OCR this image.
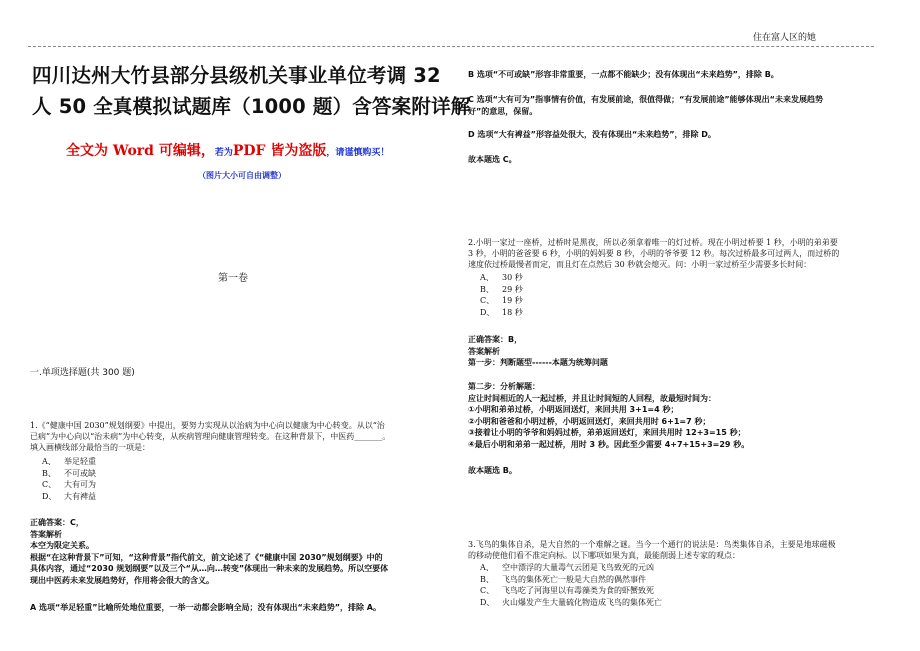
住在富人区的她
四川达州大竹县部分县级机关事业单位考调 32
人 50 全真模拟试题库（1000 题）含答案附详解
全文为 Word 可编辑，若为PDF 皆为盗版，请谨慎购买！
（图片大小可自由调整）
第一卷
一.单项选择题(共 300 题)
1.《“健康中国 2030”规划纲要》中提出，要努力实现从以治病为中心向以健康为中心转变。从以“治
已病”为中心向以“治未病”为中心转变，从疾病管理向健康管理转变。在这种背景下，中医药_______。
填入画横线部分最恰当的一项是：
A、 举足轻重
B、 不可或缺
C、 大有可为
D、 大有裨益
正确答案：C，
答案解析
本空为限定关系。
根据“在这种背景下”可知，“这种背景”指代前文，前文论述了《“健康中国 2030”规划纲要》中的
具体内容，通过“2030 规划纲要”以及三个“从…向…转变”体现出一种未来的发展趋势。所以空要体
现出中医药未来发展趋势好，作用将会很大的含义。
A 选项“举足轻重”比喻所处地位重要，一举一动都会影响全局；没有体现出“未来趋势”，排除 A。
B 选项“不可或缺”形容非常重要，一点都不能缺少；没有体现出“未来趋势”，排除 B。
C 选项“大有可为”指事情有价值，有发展前途，很值得做；“有发展前途”能够体现出“未来发展趋势
好”的意思，保留。
D 选项“大有裨益”形容益处很大，没有体现出“未来趋势”，排除 D。
故本题选 C。
2.小明一家过一座桥，过桥时是黑夜，所以必须拿着唯一的灯过桥。现在小明过桥要 1 秒，小明的弟弟要
3 秒，小明的爸爸要 6 秒，小明的妈妈要 8 秒，小明的爷爷要 12 秒。每次过桥最多可过两人，而过桥的
速度依过桥最慢者而定，而且灯在点然后 30 秒就会熄灭。问：小明一家过桥至少需要多长时间：
A、 30 秒
B、 29 秒
C、 19 秒
D、 18 秒
正确答案：B，
答案解析
第一步：判断题型------本题为统筹问题
第二步：分析解题：
应让时间相近的人一起过桥，并且让时间短的人回程，故最短时间为：
①小明和弟弟过桥，小明返回送灯，来回共用 3+1=4 秒；
②小明和爸爸和小明过桥，小明返回送灯，来回共用时 6+1=7 秒；
③接着让小明的爷爷和妈妈过桥，弟弟返回送灯，来回共用时 12+3=15 秒；
④最后小明和弟弟一起过桥，用时 3 秒。因此至少需要 4+7+15+3=29 秒。
故本题选 B。
3.飞鸟的集体自杀，是大自然的一个难解之谜。当今一个通行的说法是：鸟类集体自杀，主要是地球磁极
的移动使他们看不准定向标。以下哪项如果为真，最能削弱上述专家的观点：
A、 空中漂浮的大量毒气云团是飞鸟致死的元凶
B、 飞鸟的集体死亡一般是大自然的偶然事件
C、 飞鸟吃了河海里以有毒藻类为食的虾蟹致死
D、 火山爆发产生大量硫化物造成飞鸟的集体死亡
